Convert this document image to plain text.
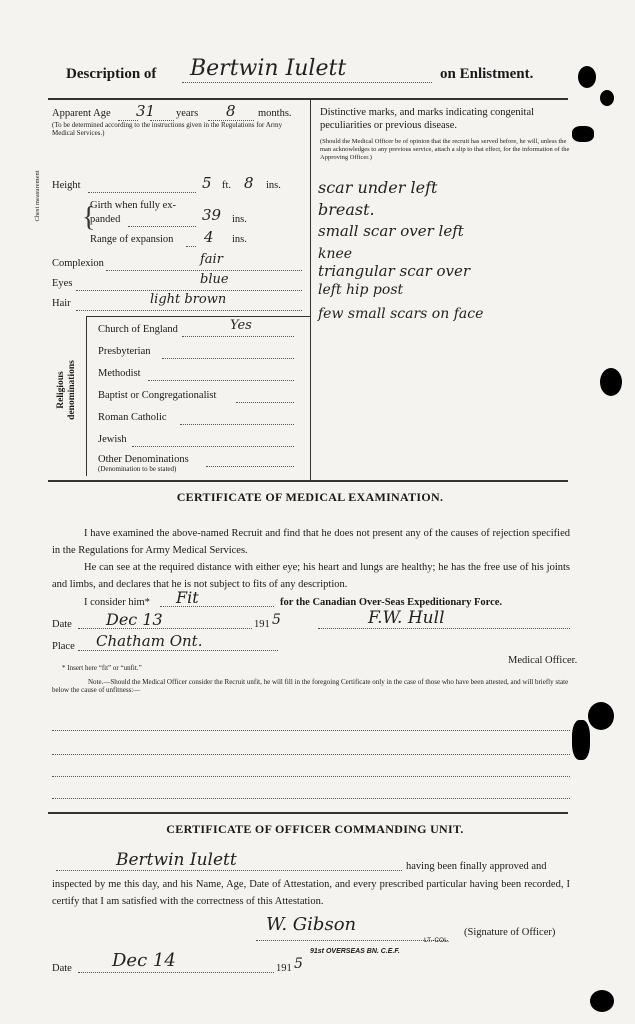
Description of Bertwin Iulett	on Enlistment.
Apparent Age 31 years 8 months.
(To be determined according to the instructions given in the Regulations for Army Medical Services.)
Distinctive marks, and marks indicating congenital peculiarities or previous disease.
(Should the Medical Officer be of opinion that the recruit has served before, he will, unless the man acknowledges to any previous service, attach a slip to that effect, for the information of the Approving Officer.)
scar under left
breast.
small scar over left
knee
triangular scar over
left hip post
few small scars on face
Height	5 ft. 8 ins.
Chest measurement {
Girth when fully ex-
panded	39 ins.
Range of expansion 4 ins.
Complexion	fair
Eyes	blue
Hair	light brown
Religious denominations
Church of England	Yes
Presbyterian
Methodist
Baptist or Congregationalist
Roman Catholic
Jewish
Other Denominations
(Denomination to be stated)
CERTIFICATE OF MEDICAL EXAMINATION.
I have examined the above-named Recruit and find that he does not present any of the causes of rejection specified in the Regulations for Army Medical Services.
He can see at the required distance with either eye; his heart and lungs are healthy; he has the free use of his joints and limbs, and declares that he is not subject to fits of any description.
I consider him* Fit	for the Canadian Over-Seas Expeditionary Force.
Date Dec 13	191 5	F.W. Hull
Place Chatham Ont.
Medical Officer.
* Insert here “fit” or “unfit.”
Note.—Should the Medical Officer consider the Recruit unfit, he will fill in the foregoing Certificate only in the case of those who have been attested, and will briefly state below the cause of unfitness:—
CERTIFICATE OF OFFICER COMMANDING UNIT.
Bertwin Iulett	having been finally approved and
inspected by me this day, and his Name, Age, Date of Attestation, and every prescribed particular having been recorded, I certify that I am satisfied with the correctness of this Attestation.
W. Gibson
LT.-COL.
91st OVERSEAS BN. C.E.F.
(Signature of Officer)
Date Dec 14	191 5
